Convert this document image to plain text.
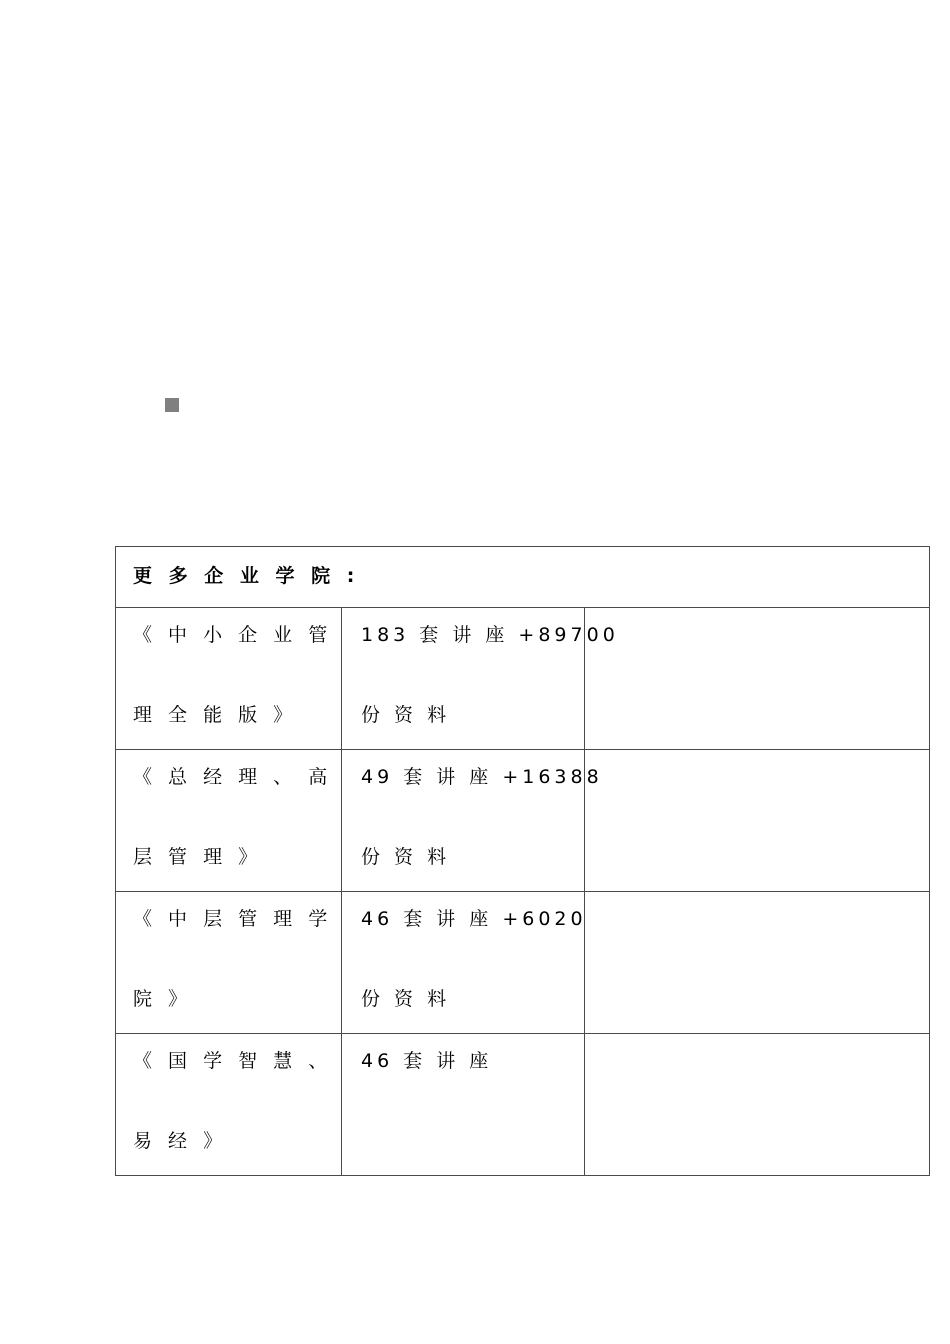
更 多 企 业 学 院 :		

《 中 小 企 业 管
理 全 能 版 》	183 套 讲 座 +89700
份 资 料	

《 总 经 理 、 高
层 管 理 》	49 套 讲 座 +16388
份 资 料	

《 中 层 管 理 学
院 》	46 套 讲 座 +6020
份 资 料	

《 国 学 智 慧 、
易 经 》	46 套 讲 座	
